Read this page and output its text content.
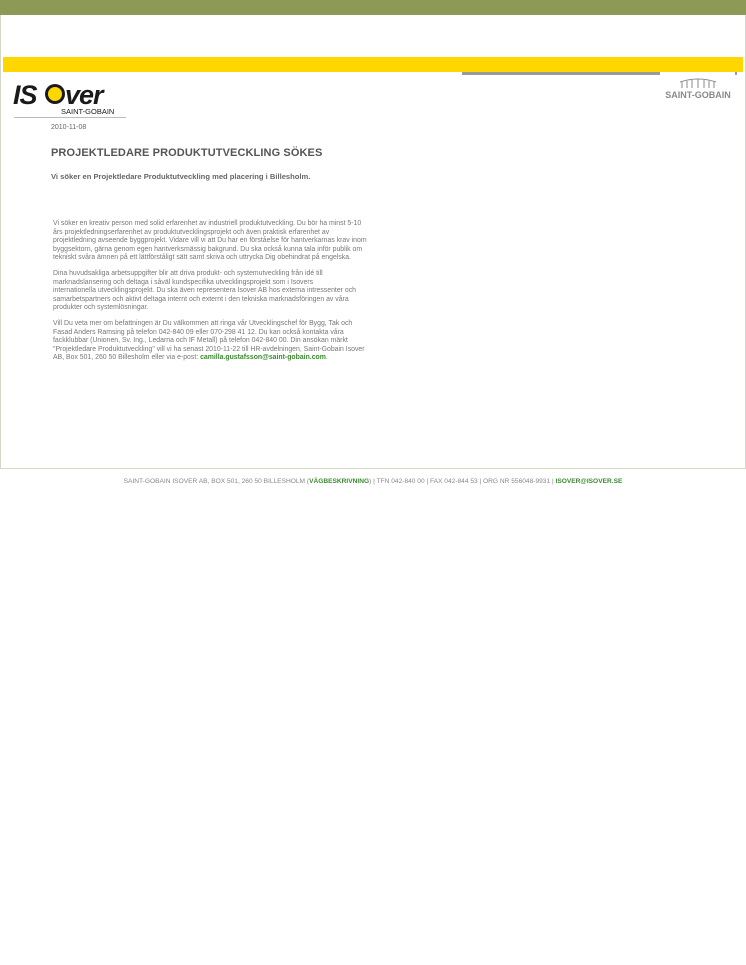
IS ver
SAINT-GOBAIN
SAINT-GOBAIN
2010-11-08
PROJEKTLEDARE PRODUKTUTVECKLING SÖKES
Vi söker en Projektledare Produktutveckling med placering i Billesholm.

Vi söker en kreativ person med solid erfarenhet av industriell produktutveckling. Du bör ha minst 5-10 års projektledningserfarenhet av produktutvecklingsprojekt och även praktisk erfarenhet av projektledning avseende byggprojekt. Vidare vill vi att Du har en förståelse för hantverkarnas krav inom byggsektorn, gärna genom egen hantverksmässig bakgrund. Du ska också kunna tala inför publik om tekniskt svåra ämnen på ett lättförståligt sätt samt skriva och uttrycka Dig obehindrat på engelska.

Dina huvudsakliga arbetsuppgifter blir att driva produkt- och systemutveckling från idé till marknadslansering och deltaga i såväl kundspecifika utvecklingsprojekt som i Isovers
internationella utvecklingsprojekt. Du ska även representera Isover AB hos externa intressenter och samarbetspartners och aktivt deltaga internt och externt i den tekniska marknadsföringen av våra produkter och systemlösningar.

Vill Du veta mer om befattningen är Du välkommen att ringa vår Utvecklingschef för Bygg, Tak och Fasad Anders Ramsing på telefon 042-840 09 eller 070-298 41 12. Du kan också kontakta våra fackklubbar (Unionen, Sv. Ing., Ledarna och IF Metall) på telefon 042-840 00. Din ansökan märkt "Projektledare Produktutveckling" vill vi ha senast 2010-11-22 till HR-avdelningen, Saint-Gobain Isover AB, Box 501, 260 50 Billesholm eller via e-post: camilla.gustafsson@saint-gobain.com.

SAINT-GOBAIN ISOVER AB, BOX 501, 260 50 BILLESHOLM (VÄGBESKRIVNING) | TFN 042-840 00 | FAX 042-844 53 | ORG NR 556048-9931 | ISOVER@ISOVER.SE
